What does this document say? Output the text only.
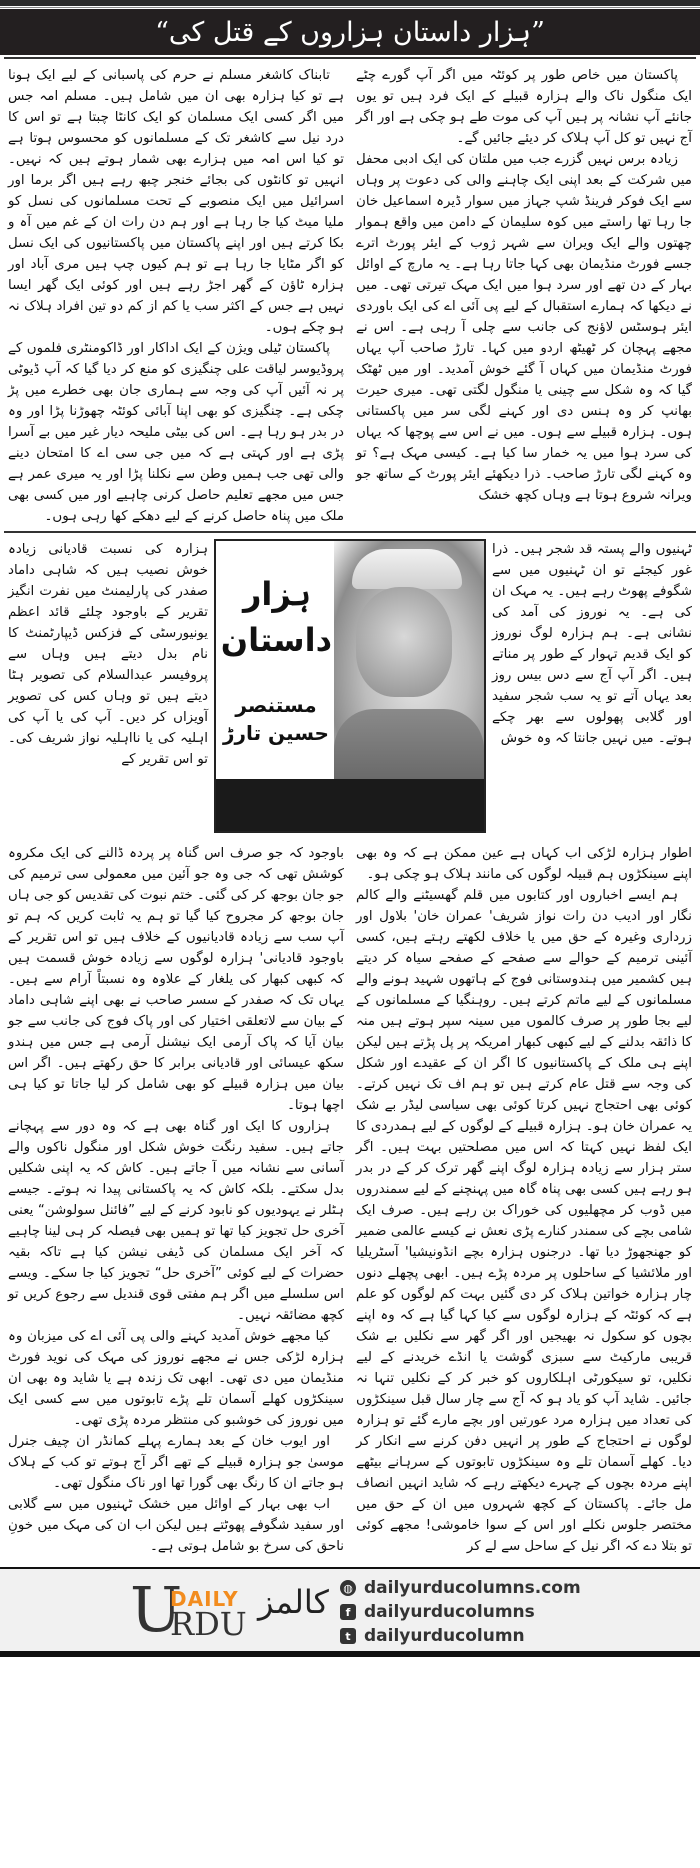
”ہزار داستان ہزاروں کے قتل کی“

پاکستان میں خاص طور پر کوئٹہ میں اگر آپ گورے چٹے ایک منگول ناک والے ہزارہ قبیلے کے ایک فرد ہیں تو یوں جانئے آپ نشانہ پر ہیں آپ کی موت طے ہو چکی ہے اور اگر آج نہیں تو کل آپ ہلاک کر دیئے جائیں گے۔

زیادہ برس نہیں گزرے جب میں ملتان کی ایک ادبی محفل میں شرکت کے بعد اپنی ایک چاہنے والی کی دعوت پر وہاں سے ایک فوکر فرینڈ شپ جہاز میں سوار ڈیرہ اسماعیل خان جا رہا تھا راستے میں کوہ سلیمان کے دامن میں واقع ہموار چھتوں والے ایک ویران سے شہر ژوب کے ایئر پورٹ اترے جسے فورٹ منڈیمان بھی کہا جاتا رہا ہے۔ یہ مارچ کے اوائل بہار کے دن تھے اور سرد ہوا میں ایک مہک تیرتی تھی۔ میں نے دیکھا کہ ہمارے استقبال کے لیے پی آئی اے کی ایک باوردی ایئر ہوسٹس لاؤنج کی جانب سے چلی آ رہی ہے۔ اس نے مجھے پہچان کر ٹھیٹھ اردو میں کہا۔ تارڑ صاحب آپ یہاں فورٹ منڈیمان میں کہاں آ گئے خوش آمدید۔ اور میں ٹھٹک گیا کہ وہ شکل سے چینی یا منگول لگتی تھی۔ میری حیرت بھانپ کر وہ ہنس دی اور کہنے لگی سر میں پاکستانی ہوں۔ ہزارہ قبیلے سے ہوں۔ میں نے اس سے پوچھا کہ یہاں کی سرد ہوا میں یہ خمار سا کیا ہے۔ کیسی مہک ہے؟ تو وہ کہنے لگی تارڑ صاحب۔ ذرا دیکھئے ایئر پورٹ کے ساتھ جو ویرانہ شروع ہوتا ہے وہاں کچھ خشک

تابناک کاشغر مسلم نے حرم کی پاسبانی کے لیے ایک ہونا ہے تو کیا ہزارہ بھی ان میں شامل ہیں۔ مسلم امہ جس میں اگر کسی ایک مسلمان کو ایک کانٹا چبتا ہے تو اس کا درد نیل سے کاشغر تک کے مسلمانوں کو محسوس ہوتا ہے تو کیا اس امہ میں ہزارے بھی شمار ہوتے ہیں کہ نہیں۔ انہیں تو کانٹوں کی بجائے خنجر چبھ رہے ہیں اگر برما اور اسرائیل میں ایک منصوبے کے تحت مسلمانوں کی نسل کو ملیا میٹ کیا جا رہا ہے اور ہم دن رات ان کے غم میں آہ و بکا کرتے ہیں اور اپنے پاکستان میں پاکستانیوں کی ایک نسل کو اگر مٹایا جا رہا ہے تو ہم کیوں چپ ہیں مری آباد اور ہزارہ ٹاؤن کے گھر اجڑ رہے ہیں اور کوئی ایک گھر ایسا نہیں ہے جس کے اکثر سب یا کم از کم دو تین افراد ہلاک نہ ہو چکے ہوں۔

پاکستان ٹیلی ویژن کے ایک اداکار اور ڈاکومنٹری فلموں کے پروڈیوسر لیاقت علی چنگیزی کو منع کر دیا گیا کہ آپ ڈیوٹی پر نہ آئیں آپ کی وجہ سے ہماری جان بھی خطرے میں پڑ چکی ہے۔ چنگیزی کو بھی اپنا آبائی کوئٹہ چھوڑنا پڑا اور وہ در بدر ہو رہا ہے۔ اس کی بیٹی ملیحہ دیار غیر میں بے آسرا پڑی ہے اور کہتی ہے کہ میں جی سی اے کا امتحان دینے والی تھی جب ہمیں وطن سے نکلنا پڑا اور یہ میری عمر ہے جس میں مجھے تعلیم حاصل کرنی چاہیے اور میں کسی بھی ملک میں پناہ حاصل کرنے کے لیے دھکے کھا رہی ہوں۔

ٹہنیوں والے پستہ قد شجر ہیں۔ ذرا غور کیجئے تو ان ٹہنیوں میں سے شگوفے پھوٹ رہے ہیں۔ یہ مہک ان کی ہے۔ یہ نوروز کی آمد کی نشانی ہے۔ ہم ہزارہ لوگ نوروز کو ایک قدیم تہوار کے طور پر مناتے ہیں۔ اگر آپ آج سے دس بیس روز بعد یہاں آتے تو یہ سب شجر سفید اور گلابی پھولوں سے بھر چکے ہوتے۔ میں نہیں جانتا کہ وہ خوش

ہزار داستان
مستنصر حسین تارڑ

ہزارہ کی نسبت قادیانی زیادہ خوش نصیب ہیں کہ شاہی داماد صفدر کی پارلیمنٹ میں نفرت انگیز تقریر کے باوجود چلئے قائد اعظم یونیورسٹی کے فزکس ڈیپارٹمنٹ کا نام بدل دیتے ہیں وہاں سے پروفیسر عبدالسلام کی تصویر ہٹا دیتے ہیں تو وہاں کس کی تصویر آویزاں کر دیں۔ آپ کی یا آپ کی اہلیہ کی یا نااہلیہ نواز شریف کی۔ تو اس تقریر کے

اطوار ہزارہ لڑکی اب کہاں ہے عین ممکن ہے کہ وہ بھی اپنے سینکڑوں ہم قبیلہ لوگوں کی مانند ہلاک ہو چکی ہو۔

ہم ایسے اخباروں اور کتابوں میں قلم گھسیٹنے والے کالم نگار اور ادیب دن رات نواز شریف' عمران خان' بلاول اور زرداری وغیرہ کے حق میں یا خلاف لکھتے رہتے ہیں، کسی آئینی ترمیم کے حوالے سے صفحے کے صفحے سیاہ کر دیتے ہیں کشمیر میں ہندوستانی فوج کے ہاتھوں شہید ہونے والے مسلمانوں کے لیے ماتم کرتے ہیں۔ روہنگیا کے مسلمانوں کے لیے بجا طور پر صرف کالموں میں سینہ سپر ہوتے ہیں منہ کا ذائقہ بدلنے کے لیے کبھی کبھار امریکہ پر پل پڑتے ہیں لیکن اپنے ہی ملک کے پاکستانیوں کا اگر ان کے عقیدے اور شکل کی وجہ سے قتل عام کرتے ہیں تو ہم اف تک نہیں کرتے۔ کوئی بھی احتجاج نہیں کرتا کوئی بھی سیاسی لیڈر بے شک یہ عمران خان ہو۔ ہزارہ قبیلے کے لوگوں کے لیے ہمدردی کا ایک لفظ نہیں کہتا کہ اس میں مصلحتیں بہت ہیں۔ اگر ستر ہزار سے زیادہ ہزارہ لوگ اپنے گھر ترک کر کے در بدر ہو رہے ہیں کسی بھی پناہ گاہ میں پہنچنے کے لیے سمندروں میں ڈوب کر مچھلیوں کی خوراک بن رہے ہیں۔ صرف ایک شامی بچے کی سمندر کنارے پڑی نعش نے کیسے عالمی ضمیر کو جھنجھوڑ دیا تھا۔ درجنوں ہزارہ بچے انڈونیشیا' آسٹریلیا اور ملائشیا کے ساحلوں پر مردہ پڑے ہیں۔ ابھی پچھلے دنوں چار ہزارہ خواتین ہلاک کر دی گئیں بہت کم لوگوں کو علم ہے کہ کوئٹہ کے ہزارہ لوگوں سے کیا کہا گیا ہے کہ وہ اپنے بچوں کو سکول نہ بھیجیں اور اگر گھر سے نکلیں بے شک قریبی مارکیٹ سے سبزی گوشت یا انڈے خریدنے کے لیے نکلیں، تو سیکورٹی اہلکاروں کو خبر کر کے نکلیں تنہا نہ جائیں۔ شاید آپ کو یاد ہو کہ آج سے چار سال قبل سینکڑوں کی تعداد میں ہزارہ مرد عورتیں اور بچے مارے گئے تو ہزارہ لوگوں نے احتجاج کے طور پر انہیں دفن کرنے سے انکار کر دیا۔ کھلے آسمان تلے وہ سینکڑوں تابوتوں کے سرہانے بیٹھے اپنے مردہ بچوں کے چہرے دیکھتے رہے کہ شاید انہیں انصاف مل جائے۔ پاکستان کے کچھ شہروں میں ان کے حق میں مختصر جلوس نکلے اور اس کے سوا خاموشی! مجھے کوئی تو بتلا دے کہ اگر نیل کے ساحل سے لے کر

باوجود کہ جو صرف اس گناہ پر پردہ ڈالنے کی ایک مکروہ کوشش تھی کہ جی وہ جو آئین میں معمولی سی ترمیم کی جو جان بوجھ کر کی گئی۔ ختم نبوت کی تقدیس کو جی ہاں جان بوجھ کر مجروح کیا گیا تو ہم یہ ثابت کریں کہ ہم تو آپ سب سے زیادہ قادیانیوں کے خلاف ہیں تو اس تقریر کے باوجود قادیانی' ہزارہ لوگوں سے زیادہ خوش قسمت ہیں کہ کبھی کبھار کی یلغار کے علاوہ وہ نسبتاً آرام سے ہیں۔ یہاں تک کہ صفدر کے سسر صاحب نے بھی اپنے شاہی داماد کے بیان سے لاتعلقی اختیار کی اور پاک فوج کی جانب سے جو بیان آیا کہ پاک آرمی ایک نیشنل آرمی ہے جس میں ہندو سکھ عیسائی اور قادیانی برابر کا حق رکھتے ہیں۔ اگر اس بیان میں ہزارہ قبیلے کو بھی شامل کر لیا جاتا تو کیا ہی اچھا ہوتا۔

ہزاروں کا ایک اور گناہ بھی ہے کہ وہ دور سے پہچانے جاتے ہیں۔ سفید رنگت خوش شکل اور منگول ناکوں والے آسانی سے نشانہ میں آ جاتے ہیں۔ کاش کہ یہ اپنی شکلیں بدل سکتے۔ بلکہ کاش کہ یہ پاکستانی پیدا نہ ہوتے۔ جیسے ہٹلر نے یہودیوں کو نابود کرنے کے لیے ”فائنل سولوشن“ یعنی آخری حل تجویز کیا تھا تو ہمیں بھی فیصلہ کر ہی لینا چاہیے کہ آخر ایک مسلمان کی ڈیفی نیشن کیا ہے تاکہ بقیہ حضرات کے لیے کوئی ”آخری حل“ تجویز کیا جا سکے۔ ویسے اس سلسلے میں اگر ہم مفتی قوی قندیل سے رجوع کریں تو کچھ مضائقہ نہیں۔

کیا مجھے خوش آمدید کہنے والی پی آئی اے کی میزبان وہ ہزارہ لڑکی جس نے مجھے نوروز کی مہک کی نوید فورٹ منڈیمان میں دی تھی۔ ابھی تک زندہ ہے یا شاید وہ بھی ان سینکڑوں کھلے آسمان تلے پڑے تابوتوں میں سے کسی ایک میں نوروز کی خوشبو کی منتظر مردہ پڑی تھی۔

اور ایوب خان کے بعد ہمارے پہلے کمانڈر ان چیف جنرل موسیٰ جو ہزارہ قبیلے کے تھے اگر آج ہوتے تو کب کے ہلاک ہو جاتے ان کا رنگ بھی گورا تھا اور ناک منگول تھی۔

اب بھی بہار کے اوائل میں خشک ٹہنیوں میں سے گلابی اور سفید شگوفے پھوٹتے ہیں لیکن اب ان کی مہک میں خونِ ناحق کی سرخ بو شامل ہوتی ہے۔

U
DAILY
RDU
کالمز ◍ dailyurducolumns.com
f dailyurducolumns
t dailyurducolumn
